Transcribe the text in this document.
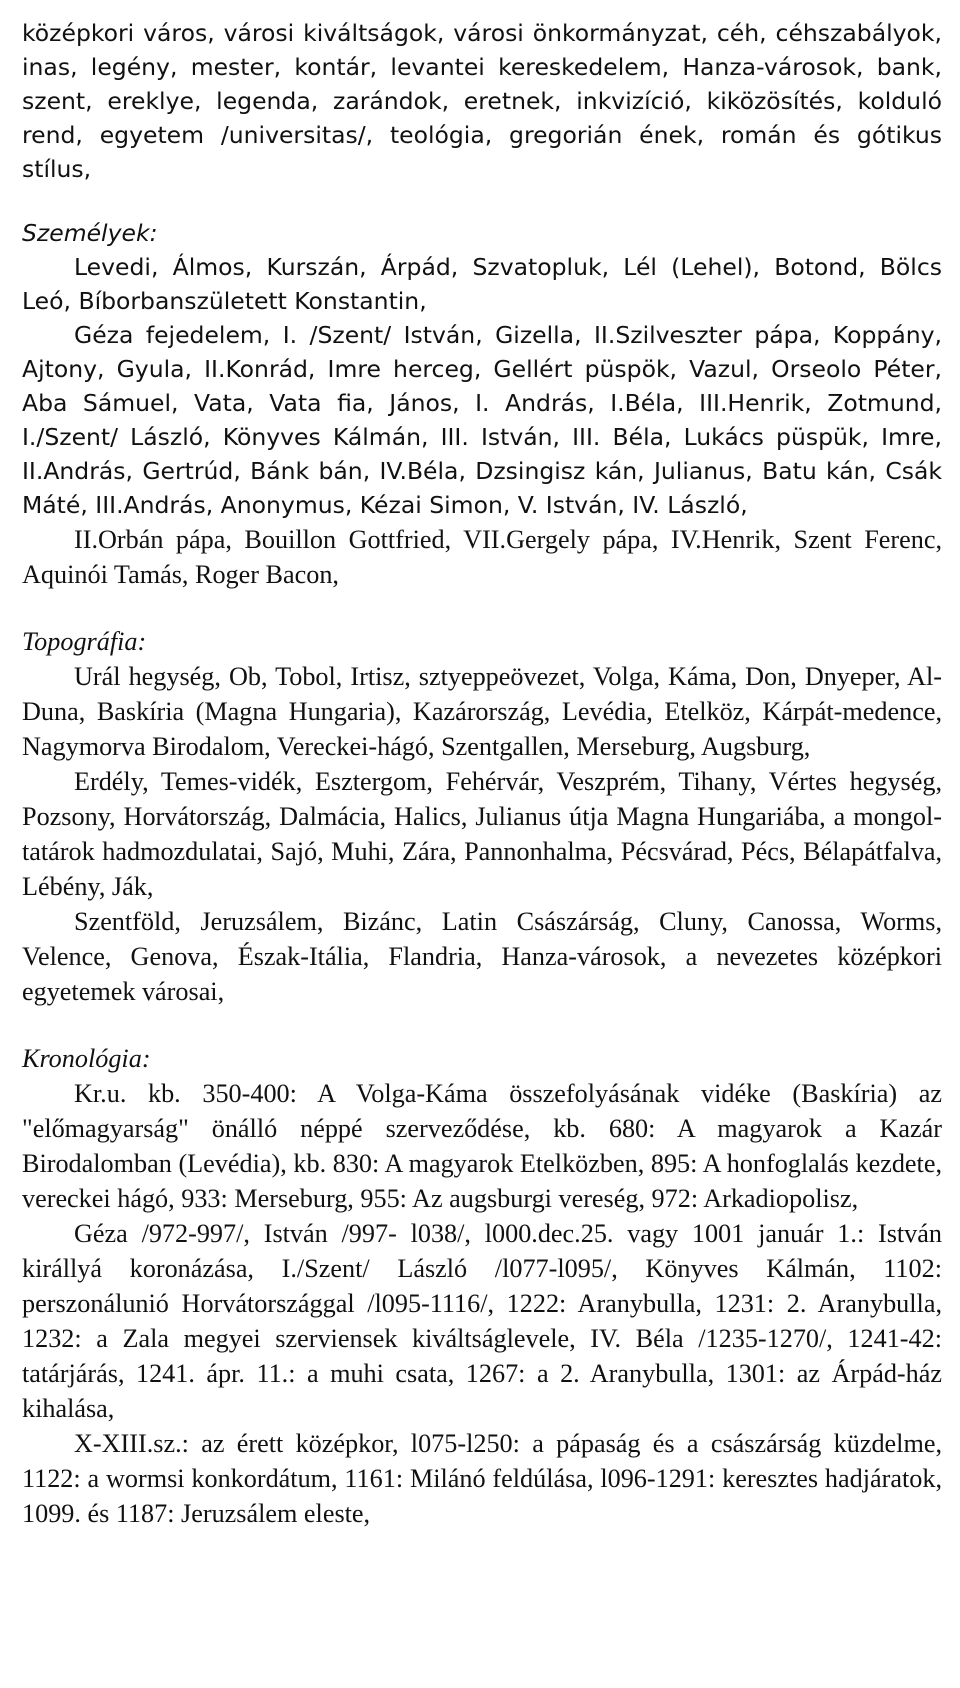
középkori város, városi kiváltságok, városi önkormányzat, céh, céhszabályok, inas, legény, mester, kontár, levantei kereskedelem, Hanza-városok, bank, szent, ereklye, legenda, zarándok, eretnek, inkvizíció, kiközösítés, kolduló rend, egyetem /universitas/, teológia, gregorián ének, román és gótikus stílus,

Személyek:

Levedi, Álmos, Kurszán, Árpád, Szvatopluk, Lél (Lehel), Botond, Bölcs Leó, Bíborbanszületett Konstantin,

Géza fejedelem, I. /Szent/ István, Gizella, II.Szilveszter pápa, Koppány, Ajtony, Gyula, II.Konrád, Imre herceg, Gellért püspök, Vazul, Orseolo Péter, Aba Sámuel, Vata, Vata fia, János, I. András, I.Béla, III.Henrik, Zotmund, I./Szent/ László, Könyves Kálmán, III. István, III. Béla, Lukács püspük, Imre, II.András, Gertrúd, Bánk bán, IV.Béla, Dzsingisz kán, Julianus, Batu kán, Csák Máté, III.András, Anonymus, Kézai Simon, V. István, IV. László,

II.Orbán pápa, Bouillon Gottfried, VII.Gergely pápa, IV.Henrik, Szent Ferenc, Aquinói Tamás, Roger Bacon,

Topográfia:

Urál hegység, Ob, Tobol, Irtisz, sztyeppeövezet, Volga, Káma, Don, Dnyeper, Al-Duna, Baskíria (Magna Hungaria), Kazárország, Levédia, Etelköz, Kárpát-medence, Nagymorva Birodalom, Vereckei-hágó, Szentgallen, Merseburg, Augsburg,

Erdély, Temes-vidék, Esztergom, Fehérvár, Veszprém, Tihany, Vértes hegység, Pozsony, Horvátország, Dalmácia, Halics, Julianus útja Magna Hungariába, a mongol-tatárok hadmozdulatai, Sajó, Muhi, Zára, Pannonhalma, Pécsvárad, Pécs, Bélapátfalva, Lébény, Ják,

Szentföld, Jeruzsálem, Bizánc, Latin Császárság, Cluny, Canossa, Worms, Velence, Genova, Észak-Itália, Flandria, Hanza-városok, a nevezetes középkori egyetemek városai,

Kronológia:

Kr.u. kb. 350-400: A Volga-Káma összefolyásának vidéke (Baskíria) az "előmagyarság" önálló néppé szerveződése, kb. 680: A magyarok a Kazár Birodalomban (Levédia), kb. 830: A magyarok Etelközben, 895: A honfoglalás kezdete, vereckei hágó, 933: Merseburg, 955: Az augsburgi vereség, 972: Arkadiopolisz,

Géza /972-997/, István /997- l038/, l000.dec.25. vagy 1001 január 1.: István királlyá koronázása, I./Szent/ László /l077-l095/, Könyves Kálmán, 1102: perszonálunió Horvátországgal /l095-1116/, 1222: Aranybulla, 1231: 2. Aranybulla, 1232: a Zala megyei szerviensek kiváltságlevele, IV. Béla /1235-1270/, 1241-42: tatárjárás, 1241. ápr. 11.: a muhi csata, 1267: a 2. Aranybulla, 1301: az Árpád-ház kihalása,

X-XIII.sz.: az érett középkor, l075-l250: a pápaság és a császárság küzdelme, 1122: a wormsi konkordátum, 1161: Milánó feldúlása, l096-1291: keresztes hadjáratok, 1099. és 1187: Jeruzsálem eleste,
